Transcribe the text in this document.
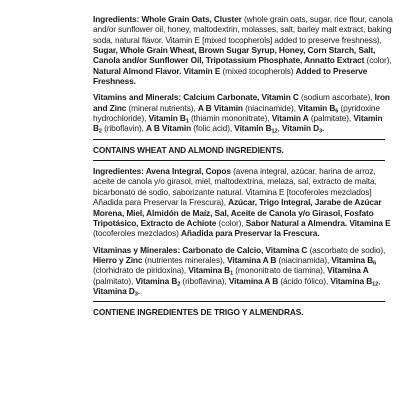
Ingredients: Whole Grain Oats, Cluster (whole grain oats, sugar, rice flour, canola and/or sunflower oil, honey, maltodextrin, molasses, salt, barley malt extract, baking soda, natural flavor. Vitamin E [mixed tocopherols] added to preserve freshness), Sugar, Whole Grain Wheat, Brown Sugar Syrup, Honey, Corn Starch, Salt, Canola and/or Sunflower Oil, Tripotassium Phosphate, Annatto Extract (color), Natural Almond Flavor. Vitamin E (mixed tocopherols) Added to Preserve Freshness.
Vitamins and Minerals: Calcium Carbonate, Vitamin C (sodium ascorbate), Iron and Zinc (mineral nutrients), A B Vitamin (niacinamide), Vitamin $B_6$ (pyridoxine hydrochloride), Vitamin $B_1$ (thiamin mononitrate), Vitamin A (palmitate), Vitamin $B_2$ (riboflavin), A B Vitamin (folic acid), Vitamin $B_{12}$, Vitamin $D_3$.
CONTAINS WHEAT AND ALMOND INGREDIENTS.
Ingredientes: Avena Integral, Copos (avena integral, azúcar, harina de arroz, aceite de canola y/o girasol, miel, maltodextrina, melaza, sal, extracto de malta, bicarbonato de sodio, saborizante natural. Vitamina E [tocoferoles mezclados] Añadida para Preservar la Frescura), Azúcar, Trigo Integral, Jarabe de Azúcar Morena, Miel, Almidón de Maíz, Sal, Aceite de Canola y/o Girasol, Fosfato Tripotásico, Extracto de Achiote (color), Sabor Natural a Almendra. Vitamina E (tocoferoles mezclados) Añadida para Preservar la Frescura.
Vitaminas y Minerales: Carbonato de Calcio, Vitamina C (ascorbato de sodio), Hierro y Zinc (nutrientes minerales), Vitamina A B (niacinamida), Vitamina $B_6$ (clorhidrato de piridoxina), Vitamina $B_1$ (mononitrato de tiamina), Vitamina A (palmitato), Vitamina $B_2$ (riboflavina), Vitamina A B (ácido fólico), Vitamina $B_{12}$, Vitamina $D_3$.
CONTIENE INGREDIENTES DE TRIGO Y ALMENDRAS.
